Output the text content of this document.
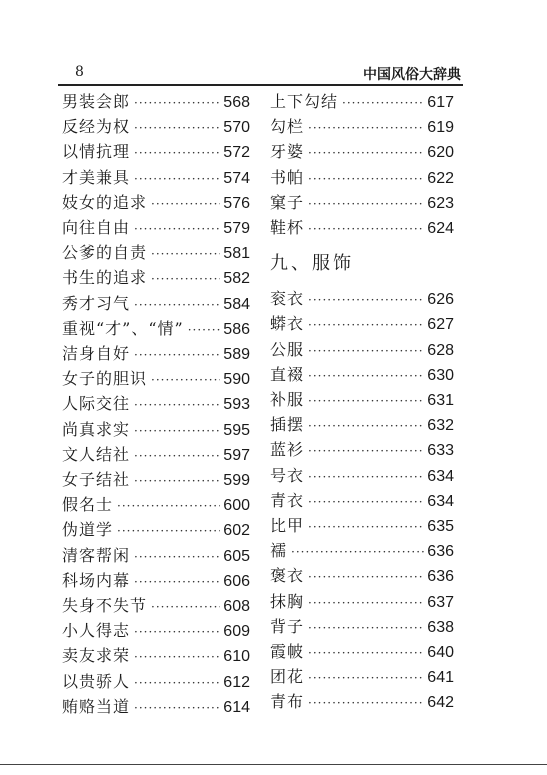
8	中国风俗大辞典
男装会郎 ·····	568
反经为权 ·····	570
以情抗理 ·····	572
才美兼具 ·····	574
妓女的追求 ·····	576
向往自由 ·····	579
公爹的自责 ·····	581
书生的追求 ·····	582
秀才习气 ·····	584
重视“才”、“情” ····· 586
洁身自好 ·····	589
女子的胆识 ·····	590
人际交往 ·····	593
尚真求实 ·····	595
文人结社 ·····	597
女子结社 ·····	599
假名士 ·····	600
伪道学 ·····	602
清客帮闲 ·····	605
科场内幕 ·····	606
失身不失节 ·····	608
小人得志 ·····	609
卖友求荣 ·····	610
以贵骄人 ·····	612
贿赂当道 ·····	614
上下勾结 ·····	617
勾栏 ·····	619
牙婆 ·····	620
书帕 ·····	622
窠子 ·····	623
鞋杯 ·····	624
九、服饰
衮衣 ·····	626
蟒衣 ·····	627
公服 ·····	628
直裰 ·····	630
补服 ·····	631
插摆 ·····	632
蓝衫 ·····	633
号衣 ·····	634
青衣 ·····	634
比甲 ·····	635
襦 ·····	636
褒衣 ·····	636
抹胸 ·····	637
背子 ·····	638
霞帔 ·····	640
团花 ·····	641
青布 ·····	642
